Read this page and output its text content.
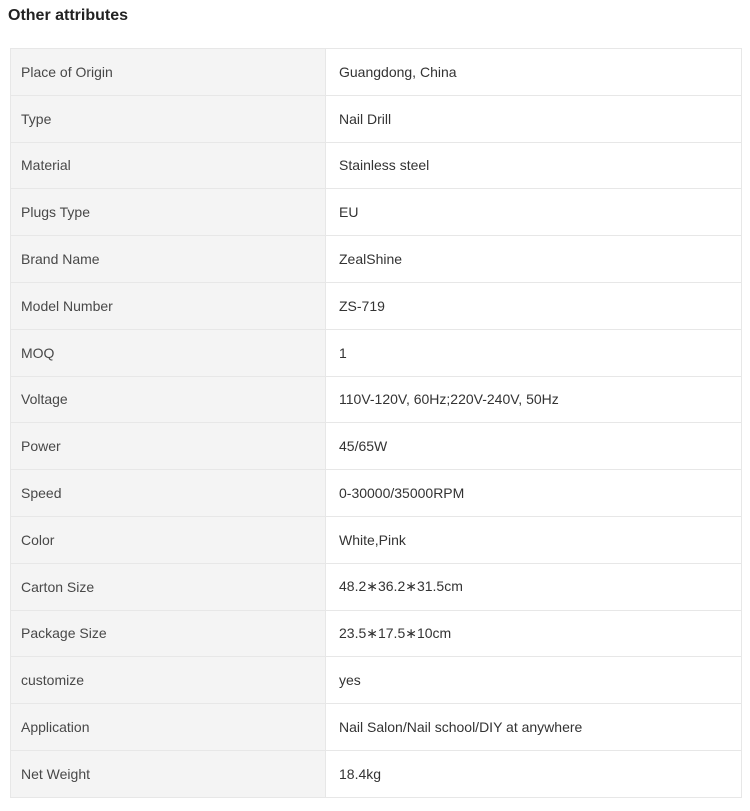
Other attributes
Place of Origin	Guangdong, China
Type	Nail Drill
Material	Stainless steel
Plugs Type	EU
Brand Name	ZealShine
Model Number	ZS-719
MOQ	1
Voltage	110V-120V, 60Hz;220V-240V, 50Hz
Power	45/65W
Speed	0-30000/35000RPM
Color	White,Pink
Carton Size	48.2∗36.2∗31.5cm
Package Size	23.5∗17.5∗10cm
customize	yes
Application	Nail Salon/Nail school/DIY at anywhere
Net Weight	18.4kg
